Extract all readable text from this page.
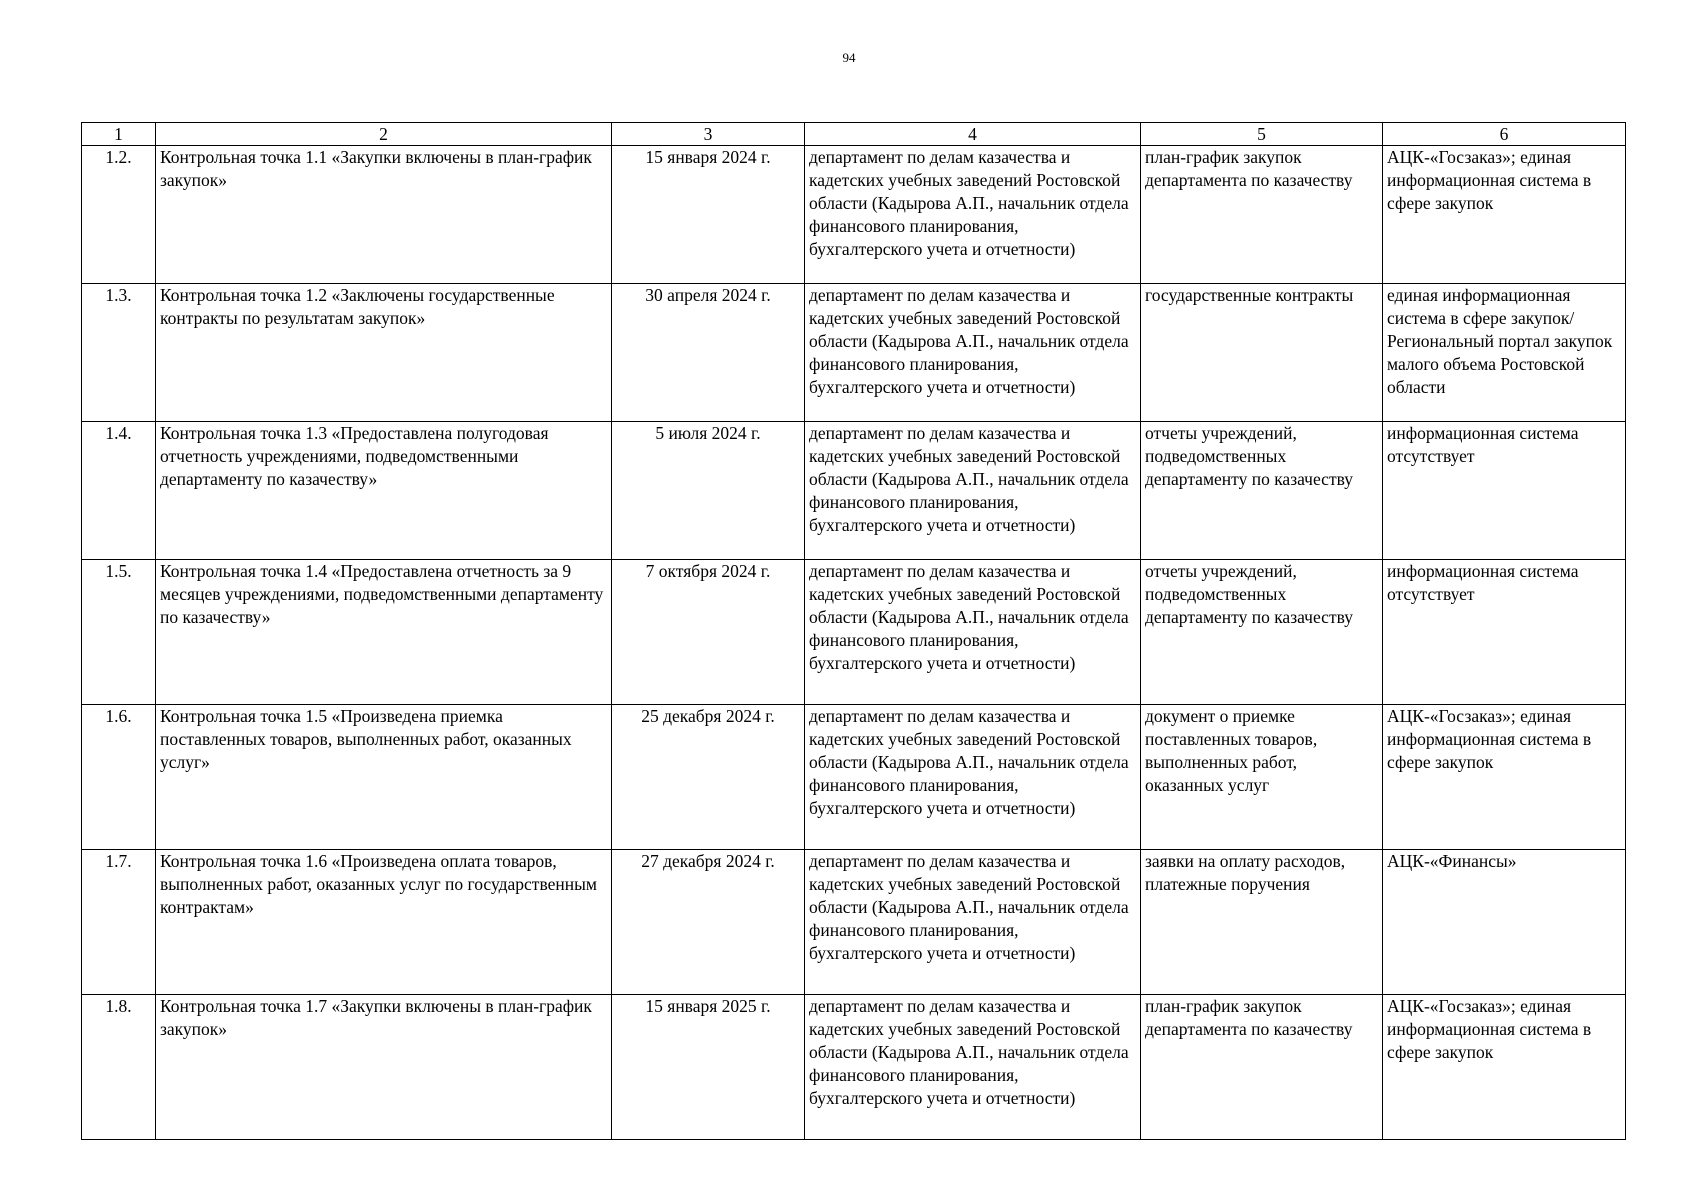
94
1	2	3	4	5	6
1.2.	Контрольная точка 1.1 «Закупки включены в план-график закупок»	15 января 2024 г.	департамент по делам казачества и кадетских учебных заведений Ростовской области (Кадырова А.П., начальник отдела финансового планирования, бухгалтерского учета и отчетности)	план-график закупок департамента по казачеству	АЦК-«Госзаказ»; единая информационная система в сфере закупок
1.3.	Контрольная точка 1.2 «Заключены государственные контракты по результатам закупок»	30 апреля 2024 г.	департамент по делам казачества и кадетских учебных заведений Ростовской области (Кадырова А.П., начальник отдела финансового планирования, бухгалтерского учета и отчетности)	государственные контракты	единая информационная система в сфере закупок/ Региональный портал закупок малого объема Ростовской области
1.4.	Контрольная точка 1.3 «Предоставлена полугодовая отчетность учреждениями, подведомственными департаменту по казачеству»	5 июля 2024 г.	департамент по делам казачества и кадетских учебных заведений Ростовской области (Кадырова А.П., начальник отдела финансового планирования, бухгалтерского учета и отчетности)	отчеты учреждений, подведомственных департаменту по казачеству	информационная система отсутствует
1.5.	Контрольная точка 1.4 «Предоставлена отчетность за 9 месяцев учреждениями, подведомственными департаменту по казачеству»	7 октября 2024 г.	департамент по делам казачества и кадетских учебных заведений Ростовской области (Кадырова А.П., начальник отдела финансового планирования, бухгалтерского учета и отчетности)	отчеты учреждений, подведомственных департаменту по казачеству	информационная система отсутствует
1.6.	Контрольная точка 1.5 «Произведена приемка поставленных товаров, выполненных работ, оказанных услуг»	25 декабря 2024 г.	департамент по делам казачества и кадетских учебных заведений Ростовской области (Кадырова А.П., начальник отдела финансового планирования, бухгалтерского учета и отчетности)	документ о приемке поставленных товаров, выполненных работ, оказанных услуг	АЦК-«Госзаказ»; единая информационная система в сфере закупок
1.7.	Контрольная точка 1.6 «Произведена оплата товаров, выполненных работ, оказанных услуг по государственным контрактам»	27 декабря 2024 г.	департамент по делам казачества и кадетских учебных заведений Ростовской области (Кадырова А.П., начальник отдела финансового планирования, бухгалтерского учета и отчетности)	заявки на оплату расходов, платежные поручения	АЦК-«Финансы»
1.8.	Контрольная точка 1.7 «Закупки включены в план-график закупок»	15 января 2025 г.	департамент по делам казачества и кадетских учебных заведений Ростовской области (Кадырова А.П., начальник отдела финансового планирования, бухгалтерского учета и отчетности)	план-график закупок департамента по казачеству	АЦК-«Госзаказ»; единая информационная система в сфере закупок
